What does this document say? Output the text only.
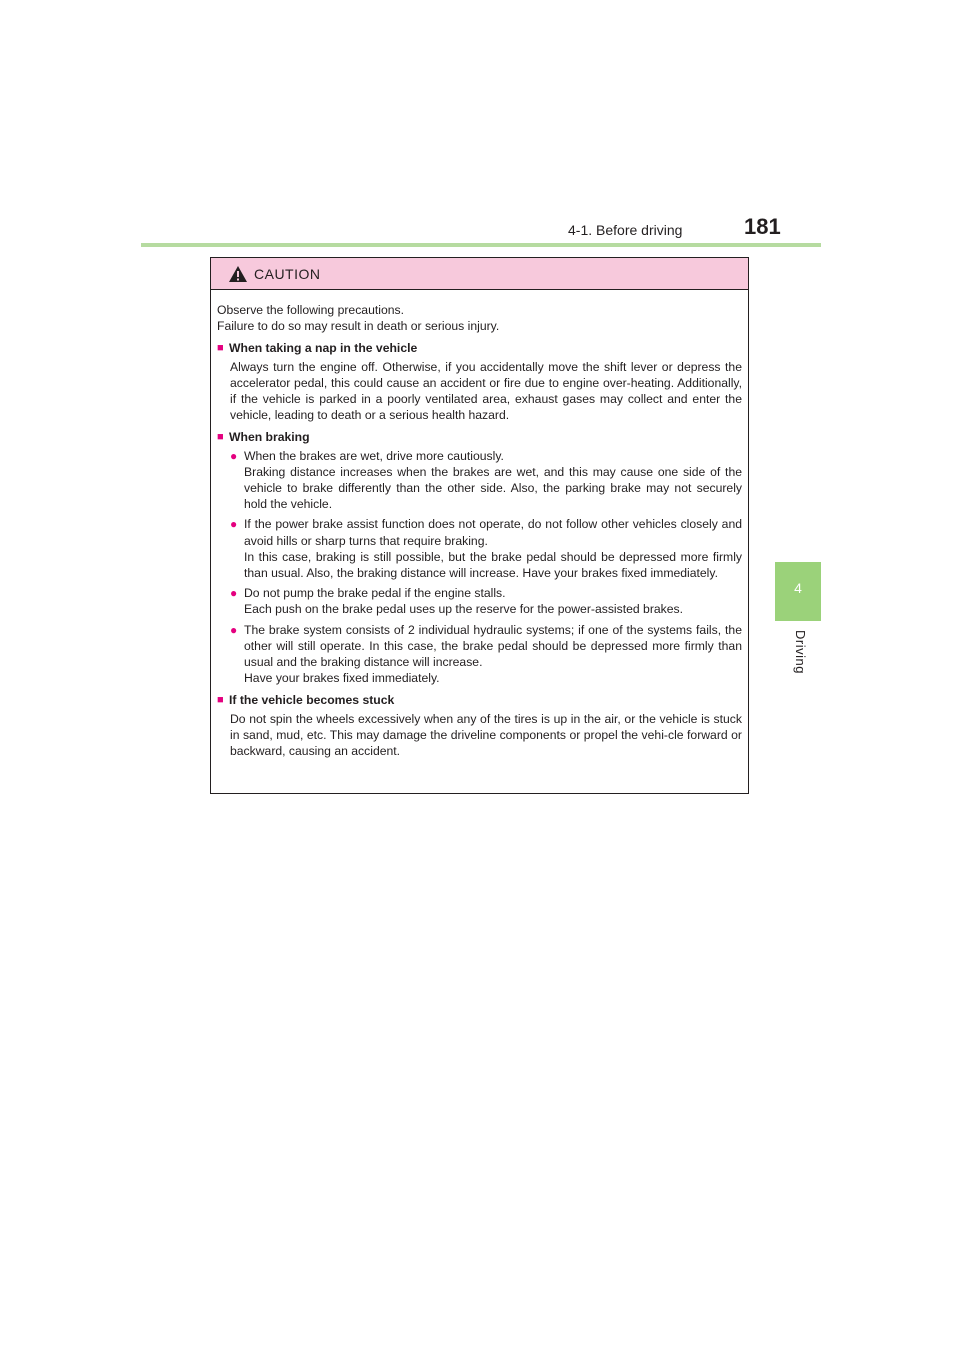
4-1. Before driving	181
4
Driving
CAUTION

Observe the following precautions.

Failure to do so may result in death or serious injury.

■ When taking a nap in the vehicle

Always turn the engine off. Otherwise, if you accidentally move the shift lever or depress the accelerator pedal, this could cause an accident or fire due to engine over-heating. Additionally, if the vehicle is parked in a poorly ventilated area, exhaust gases may collect and enter the vehicle, leading to death or a serious health hazard.

■ When braking
● When the brakes are wet, drive more cautiously.

Braking distance increases when the brakes are wet, and this may cause one side of the vehicle to brake differently than the other side. Also, the parking brake may not securely hold the vehicle.

● If the power brake assist function does not operate, do not follow other vehicles closely and avoid hills or sharp turns that require braking.

In this case, braking is still possible, but the brake pedal should be depressed more firmly than usual. Also, the braking distance will increase. Have your brakes fixed immediately.

● Do not pump the brake pedal if the engine stalls.

Each push on the brake pedal uses up the reserve for the power-assisted brakes.

● The brake system consists of 2 individual hydraulic systems; if one of the systems fails, the other will still operate. In this case, the brake pedal should be depressed more firmly than usual and the braking distance will increase.

Have your brakes fixed immediately.

■ If the vehicle becomes stuck

Do not spin the wheels excessively when any of the tires is up in the air, or the vehicle is stuck in sand, mud, etc. This may damage the driveline components or propel the vehi-cle forward or backward, causing an accident.
